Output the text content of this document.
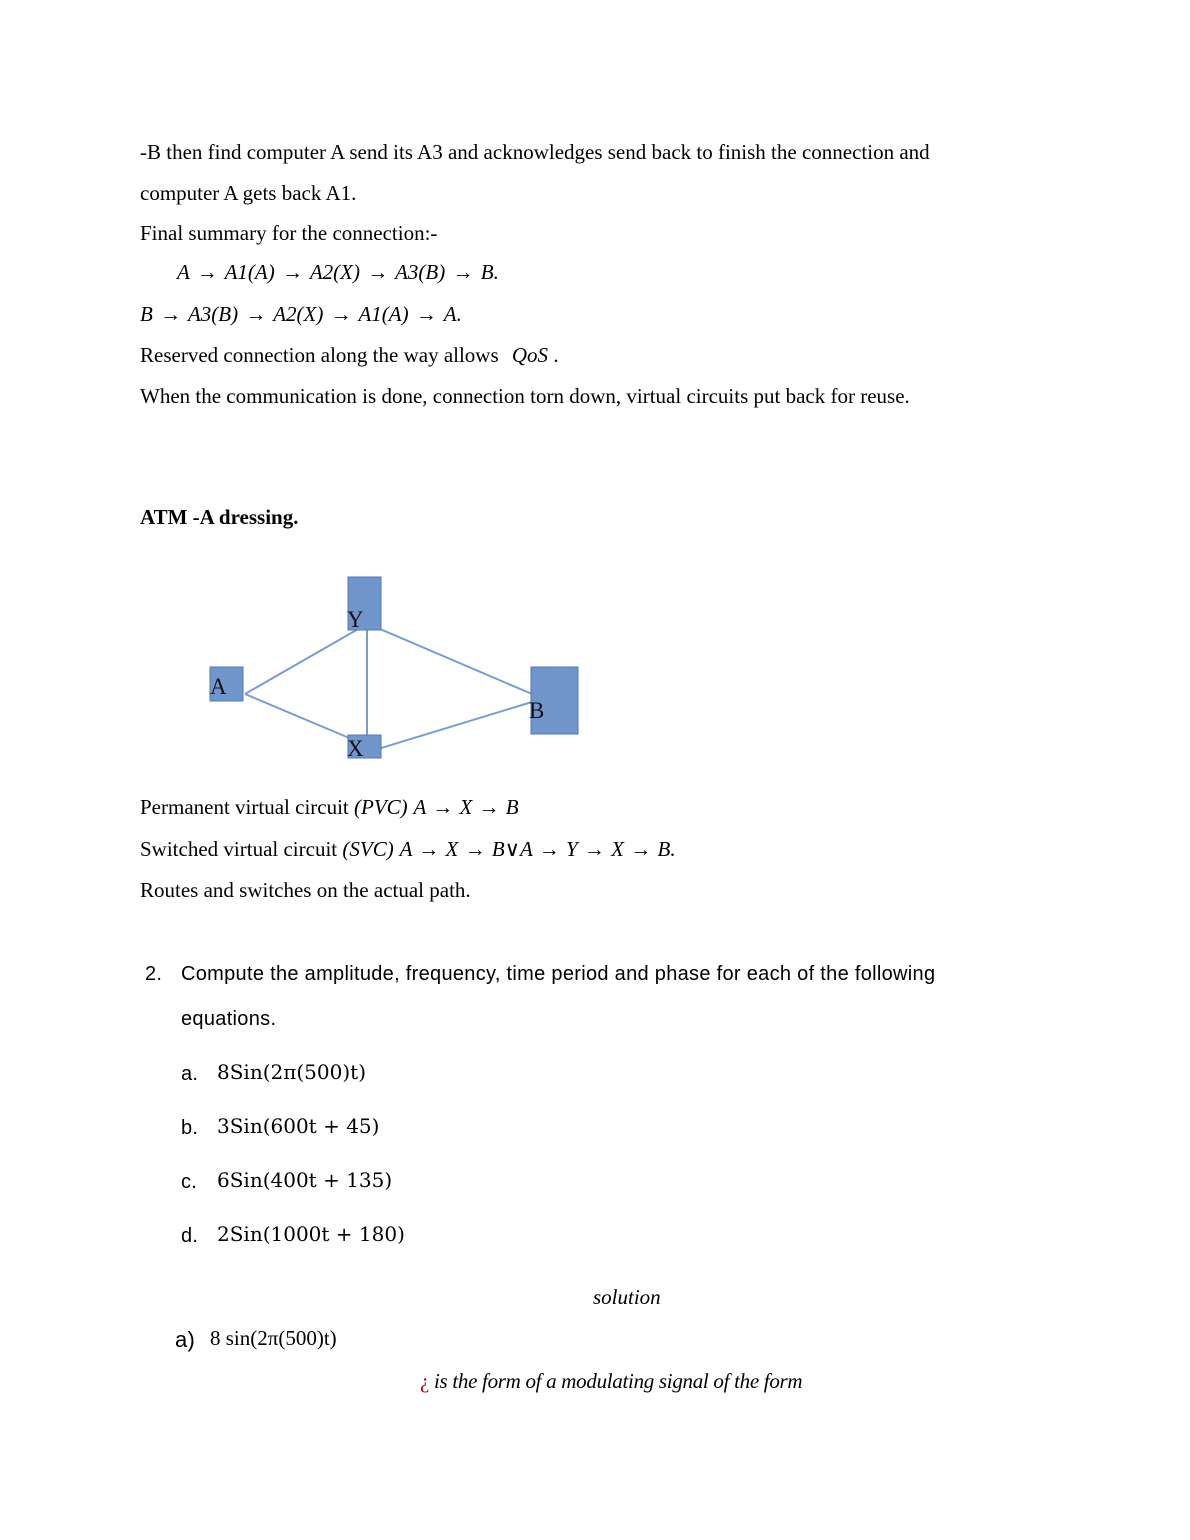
-B then find computer A send its A3 and acknowledges send back to finish the connection and
computer A gets back A1.
Final summary for the connection:-
A → A1(A) → A2(X) → A3(B) → B.
B → A3(B) → A2(X) → A1(A) → A.
Reserved connection along the way allows QoS .
When the communication is done, connection torn down, virtual circuits put back for reuse.
ATM -A dressing.
A
Y
X
B
Permanent virtual circuit (PVC) A → X → B
Switched virtual circuit (SVC) A → X → B∨A → Y → X → B.
Routes and switches on the actual path.
2. Compute the amplitude, frequency, time period and phase for each of the following
equations.
a. 8Sin(2π(500)t)
b. 3Sin(600t + 45)
c. 6Sin(400t + 135)
d. 2Sin(1000t + 180)
solution
a) 8 sin(2π(500)t)
¿ is the form of a modulating signal of the form
